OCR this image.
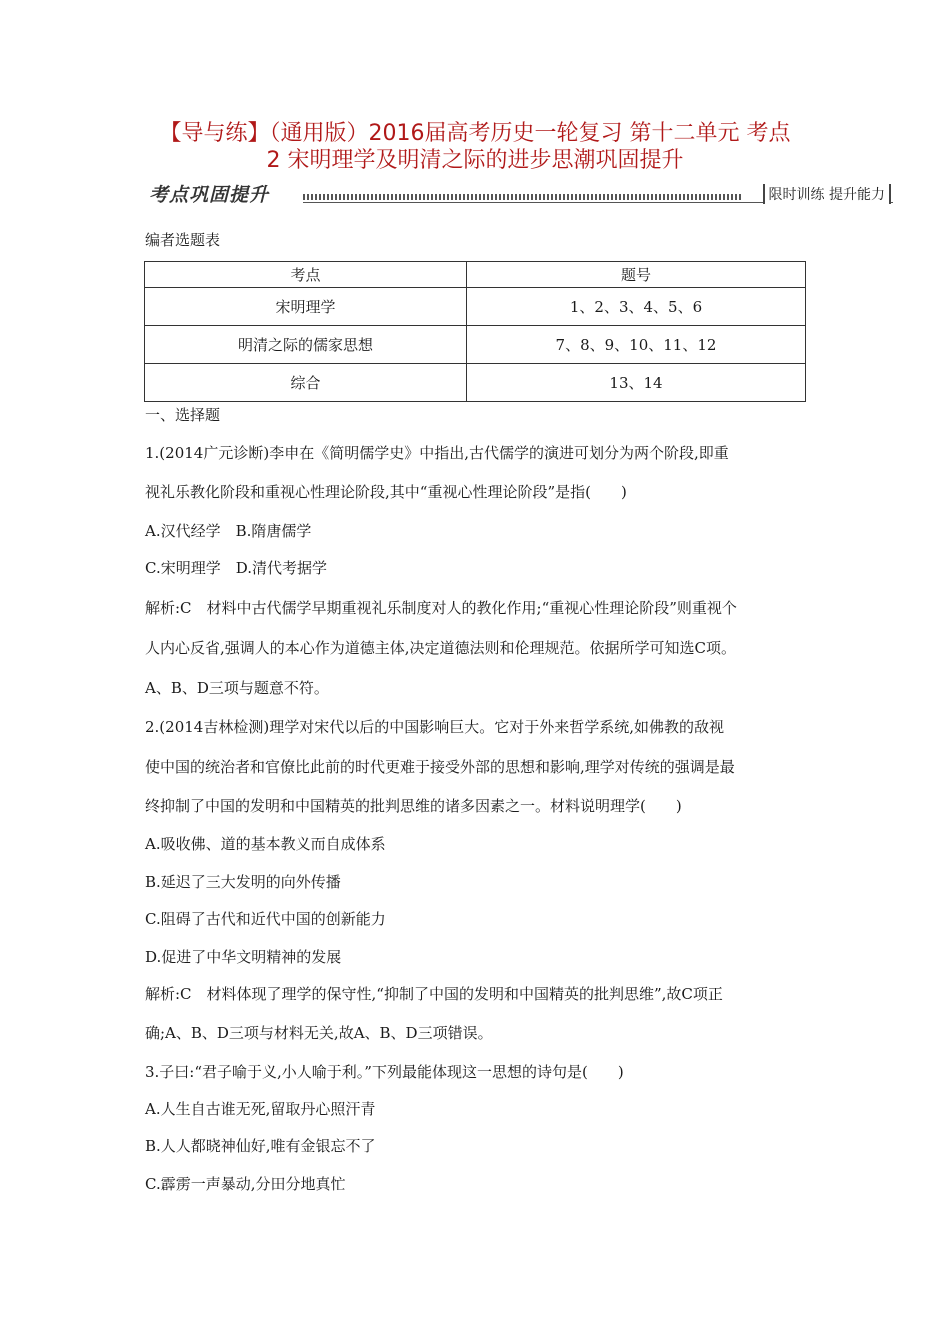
【导与练】（通用版）2016届高考历史一轮复习 第十二单元 考点
2 宋明理学及明清之际的进步思潮巩固提升
考点巩固提升	限时训练 提升能力
编者选题表
考点	题号
宋明理学	1、2、3、4、5、6
明清之际的儒家思想	7、8、9、10、11、12
综合	13、14
一、选择题
1.(2014广元诊断)李申在《简明儒学史》中指出,古代儒学的演进可划分为两个阶段,即重
视礼乐教化阶段和重视心性理论阶段,其中“重视心性理论阶段”是指(　　)
A.汉代经学　B.隋唐儒学
C.宋明理学　D.清代考据学
解析:C　材料中古代儒学早期重视礼乐制度对人的教化作用;“重视心性理论阶段”则重视个
人内心反省,强调人的本心作为道德主体,决定道德法则和伦理规范。依据所学可知选C项。
A、B、D三项与题意不符。
2.(2014吉林检测)理学对宋代以后的中国影响巨大。它对于外来哲学系统,如佛教的敌视
使中国的统治者和官僚比此前的时代更难于接受外部的思想和影响,理学对传统的强调是最
终抑制了中国的发明和中国精英的批判思维的诸多因素之一。材料说明理学(　　)
A.吸收佛、道的基本教义而自成体系
B.延迟了三大发明的向外传播
C.阻碍了古代和近代中国的创新能力
D.促进了中华文明精神的发展
解析:C　材料体现了理学的保守性,“抑制了中国的发明和中国精英的批判思维”,故C项正
确;A、B、D三项与材料无关,故A、B、D三项错误。
3.子曰:“君子喻于义,小人喻于利。”下列最能体现这一思想的诗句是(　　)
A.人生自古谁无死,留取丹心照汗青
B.人人都晓神仙好,唯有金银忘不了
C.霹雳一声暴动,分田分地真忙
